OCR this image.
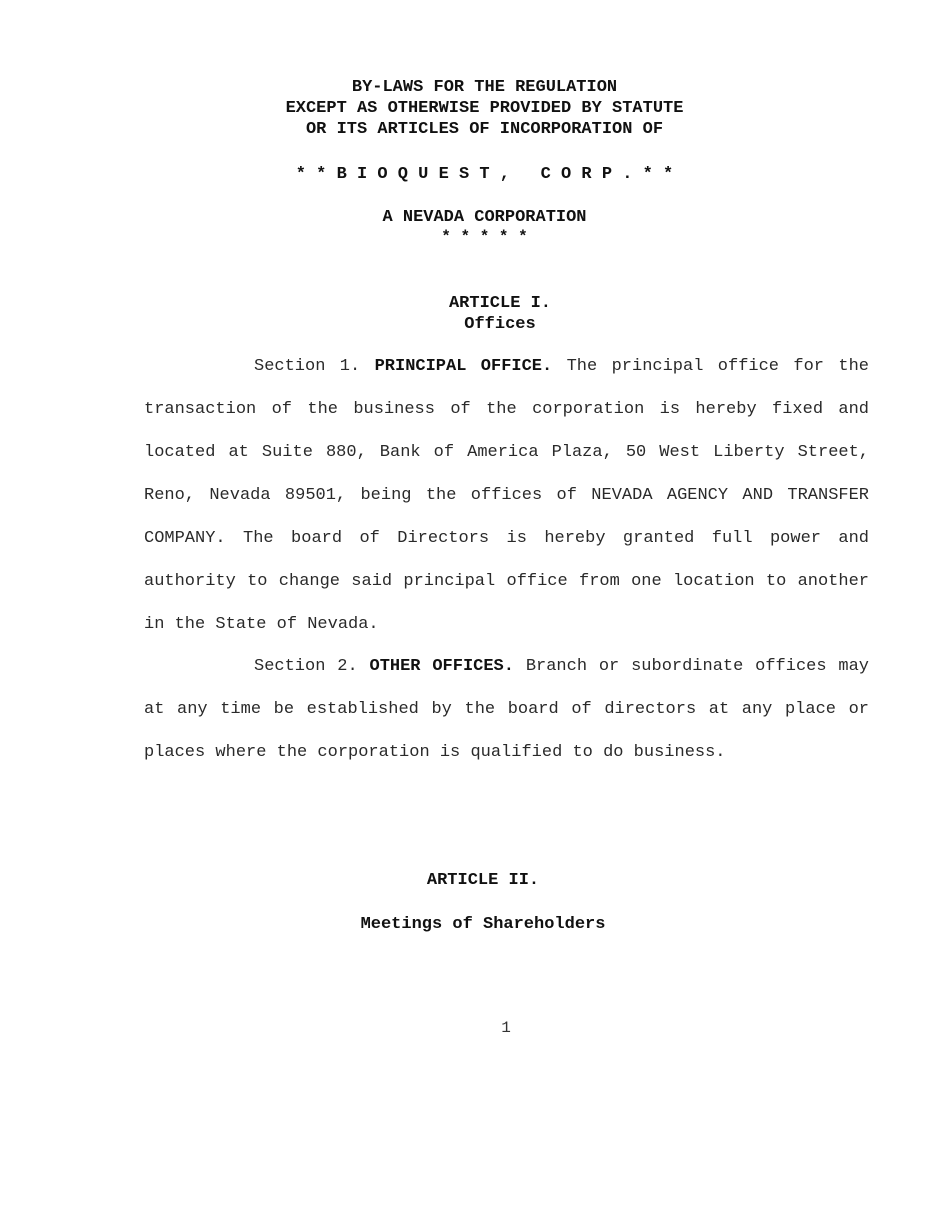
BY-LAWS FOR THE REGULATION
EXCEPT AS OTHERWISE PROVIDED BY STATUTE
OR ITS ARTICLES OF INCORPORATION OF
* * B I O Q U E S T ,   C O R P . * *
A NEVADA CORPORATION
* * * * *
ARTICLE I.
Offices
Section 1. PRINCIPAL OFFICE. The principal office for the transaction of the business of the corporation is hereby fixed and located at Suite 880, Bank of America Plaza, 50 West Liberty Street, Reno, Nevada 89501, being the offices of NEVADA AGENCY AND TRANSFER COMPANY. The board of Directors is hereby granted full power and authority to change said principal office from one location to another in the State of Nevada.
Section 2. OTHER OFFICES. Branch or subordinate offices may at any time be established by the board of directors at any place or places where the corporation is qualified to do business.
ARTICLE II.
Meetings of Shareholders
1
